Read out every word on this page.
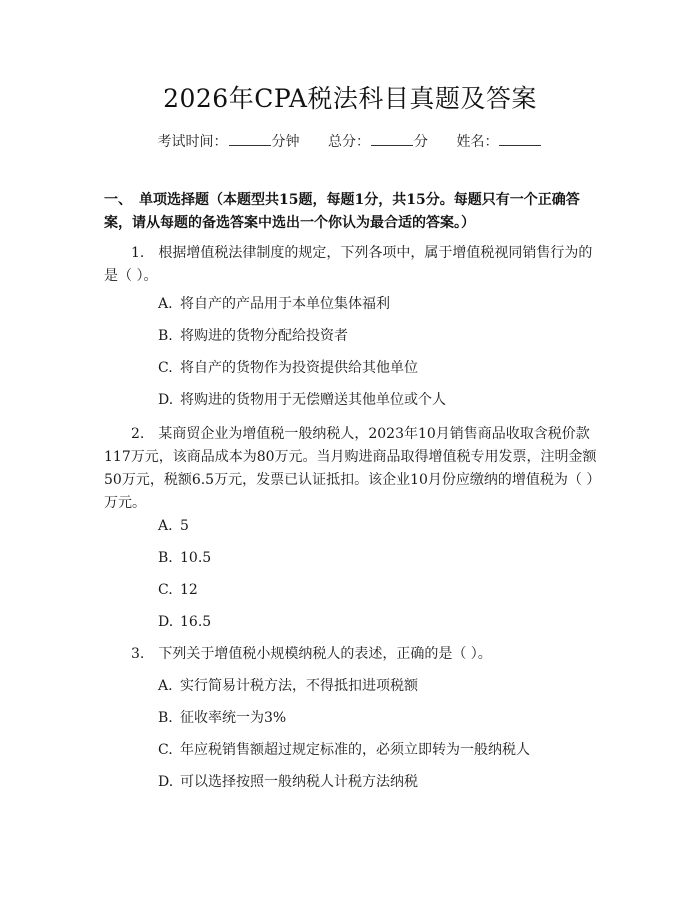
2026年CPA税法科目真题及答案
考试时间：	分钟 总分：	分 姓名：
一、　单项选择题（本题型共15题，每题1分，共15分。每题只有一个正确答案，请从每题的备选答案中选出一个你认为最合适的答案。）
1. 根据增值税法律制度的规定，下列各项中，属于增值税视同销售行为的是（ ）。
A. 将自产的产品用于本单位集体福利
B. 将购进的货物分配给投资者
C. 将自产的货物作为投资提供给其他单位
D. 将购进的货物用于无偿赠送其他单位或个人
2. 某商贸企业为增值税一般纳税人，2023年10月销售商品收取含税价款117万元，该商品成本为80万元。当月购进商品取得增值税专用发票，注明金额50万元，税额6.5万元，发票已认证抵扣。该企业10月份应缴纳的增值税为（ ）万元。
A. 5
B. 10.5
C. 12
D. 16.5
3. 下列关于增值税小规模纳税人的表述，正确的是（ ）。
A. 实行简易计税方法，不得抵扣进项税额
B. 征收率统一为3%
C. 年应税销售额超过规定标准的，必须立即转为一般纳税人
D. 可以选择按照一般纳税人计税方法纳税
